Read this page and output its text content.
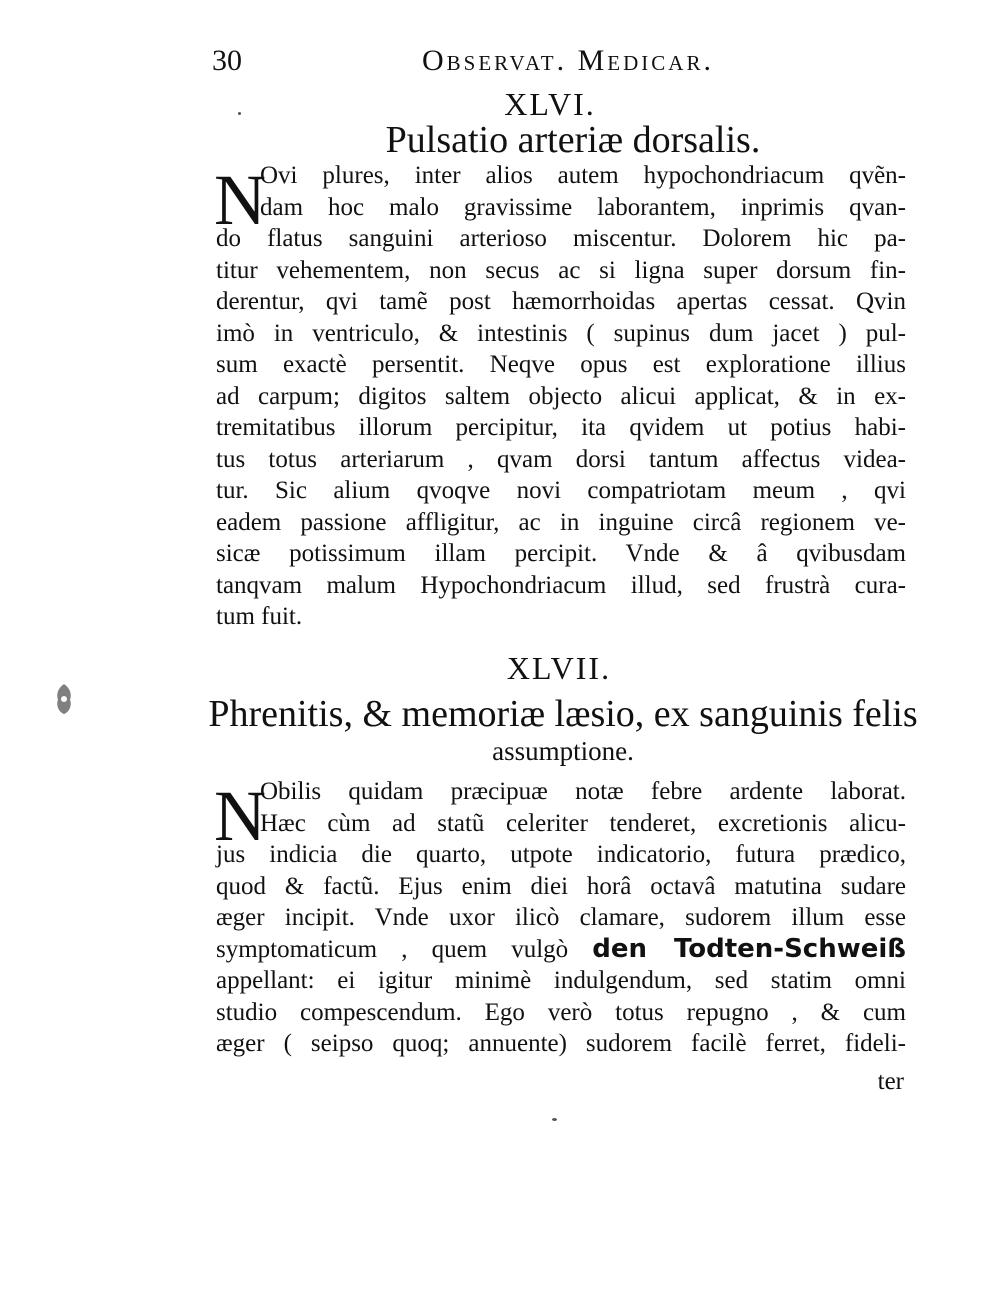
30	Observat. Medicar.
XLVI.
Pulsatio arteriæ dorsalis.
N
Ovi plures, inter alios autem hypochondriacum qvẽn-
dam hoc malo gravissime laborantem, inprimis qvan-
do flatus sanguini arterioso miscentur. Dolorem hic pa-
titur vehementem, non secus ac si ligna super dorsum fin-
derentur, qvi tamẽ post hæmorrhoidas apertas cessat. Qvin
imò in ventriculo, & intestinis ( supinus dum jacet ) pul-
sum exactè persentit. Neqve opus est exploratione illius
ad carpum; digitos saltem objecto alicui applicat, & in ex-
tremitatibus illorum percipitur, ita qvidem ut potius habi-
tus totus arteriarum , qvam dorsi tantum affectus videa-
tur. Sic alium qvoqve novi compatriotam meum , qvi
eadem passione affligitur, ac in inguine circâ regionem ve-
sicæ potissimum illam percipit. Vnde & â qvibusdam
tanqvam malum Hypochondriacum illud, sed frustrà cura-
tum fuit.
XLVII.
Phrenitis, & memoriæ læsio, ex sanguinis felis
assumptione.
N
Obilis quidam præcipuæ notæ febre ardente laborat.
Hæc cùm ad statũ celeriter tenderet, excretionis alicu-
jus indicia die quarto, utpote indicatorio, futura prædico,
quod & factũ. Ejus enim diei horâ octavâ matutina sudare
æger incipit. Vnde uxor ilicò clamare, sudorem illum esse
symptomaticum , quem vulgò den Todten-Schweiß
appellant: ei igitur minimè indulgendum, sed statim omni
studio compescendum. Ego verò totus repugno , & cum
æger ( seipso quoq; annuente) sudorem facilè ferret, fideli-
ter
